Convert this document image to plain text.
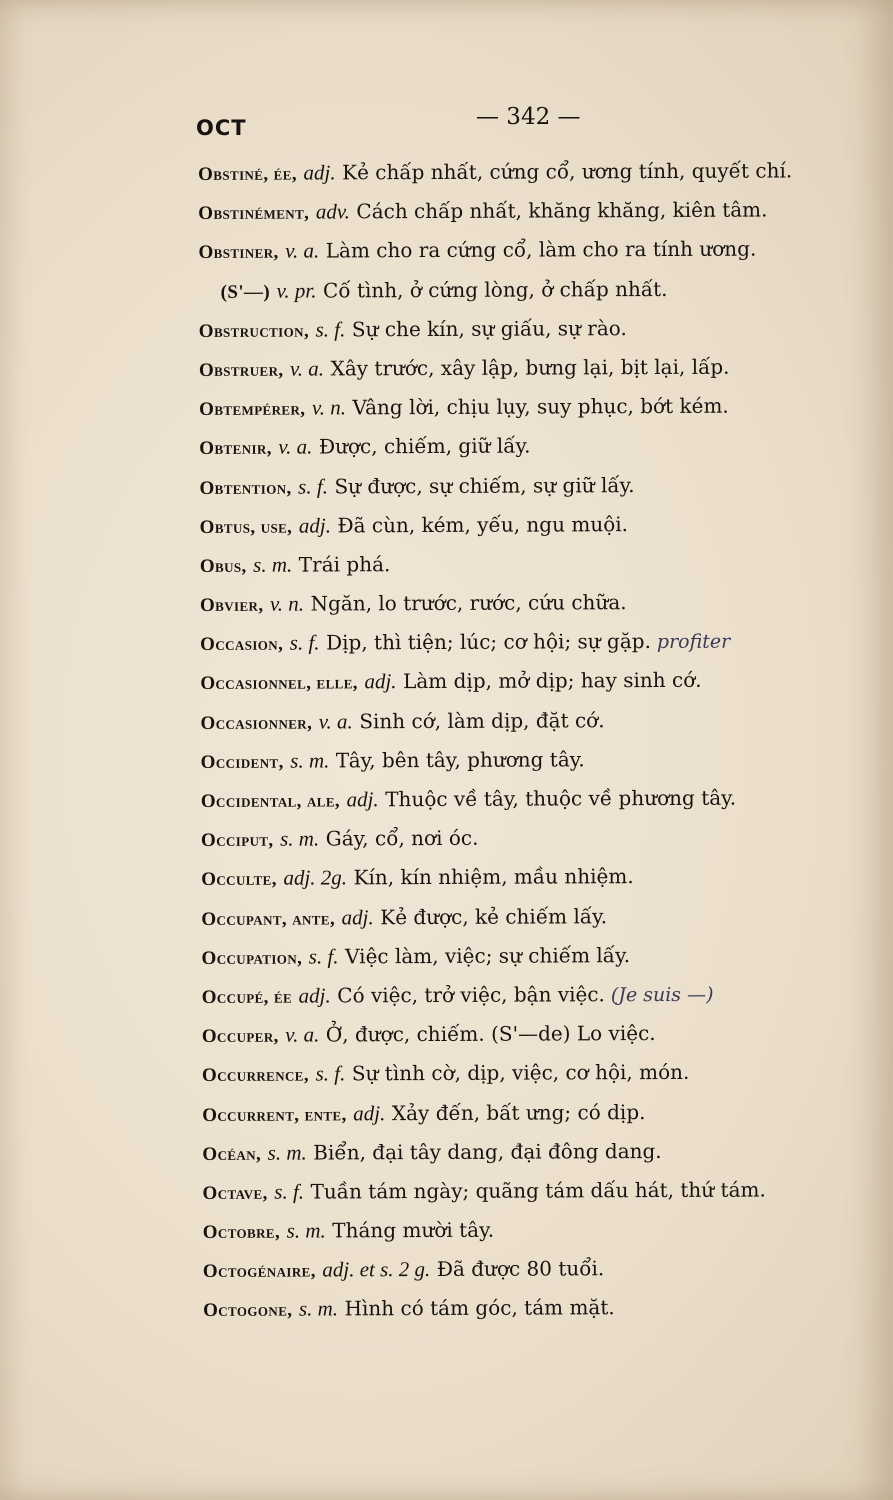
OCT	— 342 —
Obstiné, ée, adj. Kẻ chấp nhất, cứng cổ, ương tính, quyết chí.
Obstinément, adv. Cách chấp nhất, khăng khăng, kiên tâm.
Obstiner, v. a. Làm cho ra cứng cổ, làm cho ra tính ương.
(S'—) v. pr. Cố tình, ở cứng lòng, ở chấp nhất.
Obstruction, s. f. Sự che kín, sự giấu, sự rào.
Obstruer, v. a. Xây trước, xây lập, bưng lại, bịt lại, lấp.
Obtempérer, v. n. Vâng lời, chịu lụy, suy phục, bớt kém.
Obtenir, v. a. Được, chiếm, giữ lấy.
Obtention, s. f. Sự được, sự chiếm, sự giữ lấy.
Obtus, use, adj. Đã cùn, kém, yếu, ngu muội.
Obus, s. m. Trái phá.
Obvier, v. n. Ngăn, lo trước, rước, cứu chữa.
Occasion, s. f. Dịp, thì tiện; lúc; cơ hội; sự gặp. profiter
Occasionnel, elle, adj. Làm dịp, mở dịp; hay sinh cớ.
Occasionner, v. a. Sinh cớ, làm dịp, đặt cớ.
Occident, s. m. Tây, bên tây, phương tây.
Occidental, ale, adj. Thuộc về tây, thuộc về phương tây.
Occiput, s. m. Gáy, cổ, nơi óc.
Occulte, adj. 2g. Kín, kín nhiệm, mầu nhiệm.
Occupant, ante, adj. Kẻ được, kẻ chiếm lấy.
Occupation, s. f. Việc làm, việc; sự chiếm lấy.
Occupé, ée adj. Có việc, trở việc, bận việc. (Je suis —)
Occuper, v. a. Ở, được, chiếm. (S'—de) Lo việc.
Occurrence, s. f. Sự tình cờ, dịp, việc, cơ hội, món.
Occurrent, ente, adj. Xảy đến, bất ưng; có dịp.
Océan, s. m. Biển, đại tây dang, đại đông dang.
Octave, s. f. Tuần tám ngày; quãng tám dấu hát, thứ tám.
Octobre, s. m. Tháng mười tây.
Octogénaire, adj. et s. 2 g. Đã được 80 tuổi.
Octogone, s. m. Hình có tám góc, tám mặt.
